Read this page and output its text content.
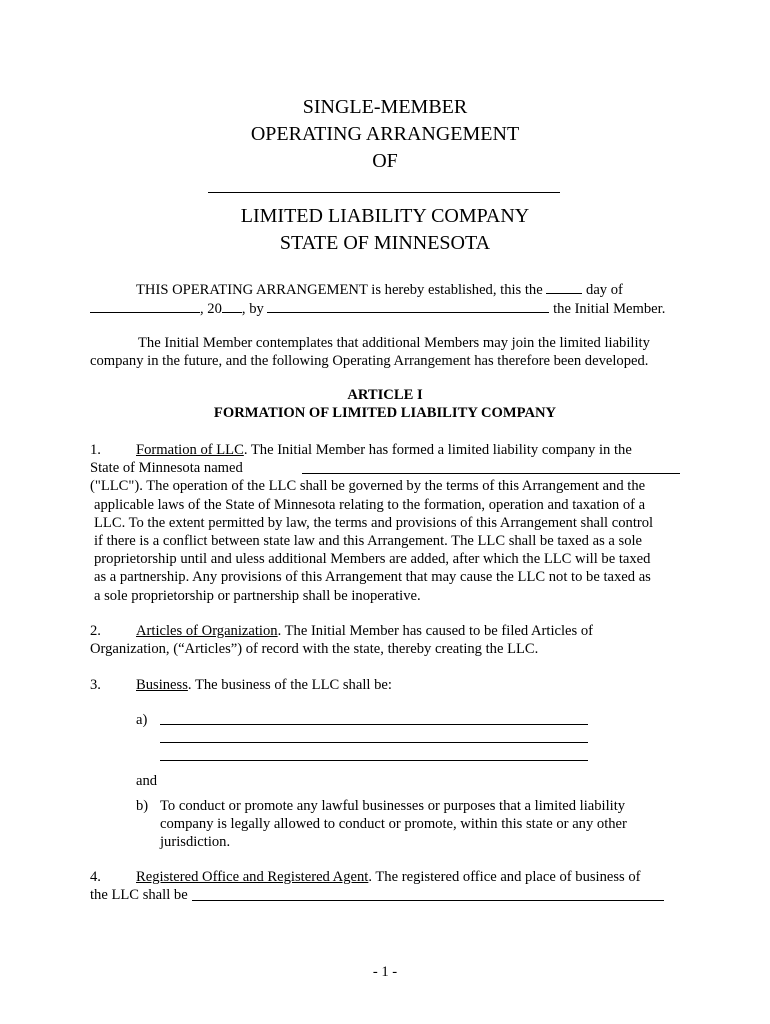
SINGLE-MEMBER
OPERATING ARRANGEMENT
OF
LIMITED LIABILITY COMPANY
STATE OF MINNESOTA
THIS OPERATING ARRANGEMENT is hereby established, this the	day of
, 20 , by	the Initial Member.
The Initial Member contemplates that additional Members may join the limited liability
company in the future, and the following Operating Arrangement has therefore been developed.
ARTICLE I
FORMATION OF LIMITED LIABILITY COMPANY
1. Formation of LLC. The Initial Member has formed a limited liability company in the
State of Minnesota named
("LLC"). The operation of the LLC shall be governed by the terms of this Arrangement and the
applicable laws of the State of Minnesota relating to the formation, operation and taxation of a
LLC. To the extent permitted by law, the terms and provisions of this Arrangement shall control
if there is a conflict between state law and this Arrangement. The LLC shall be taxed as a sole
proprietorship until and uless additional Members are added, after which the LLC will be taxed
as a partnership. Any provisions of this Arrangement that may cause the LLC not to be taxed as
a sole proprietorship or partnership shall be inoperative.
2. Articles of Organization. The Initial Member has caused to be filed Articles of
Organization, (“Articles”) of record with the state, thereby creating the LLC.
3. Business. The business of the LLC shall be:
a)
and
b) To conduct or promote any lawful businesses or purposes that a limited liability
company is legally allowed to conduct or promote, within this state or any other
jurisdiction.
4. Registered Office and Registered Agent. The registered office and place of business of
the LLC shall be
- 1 -
